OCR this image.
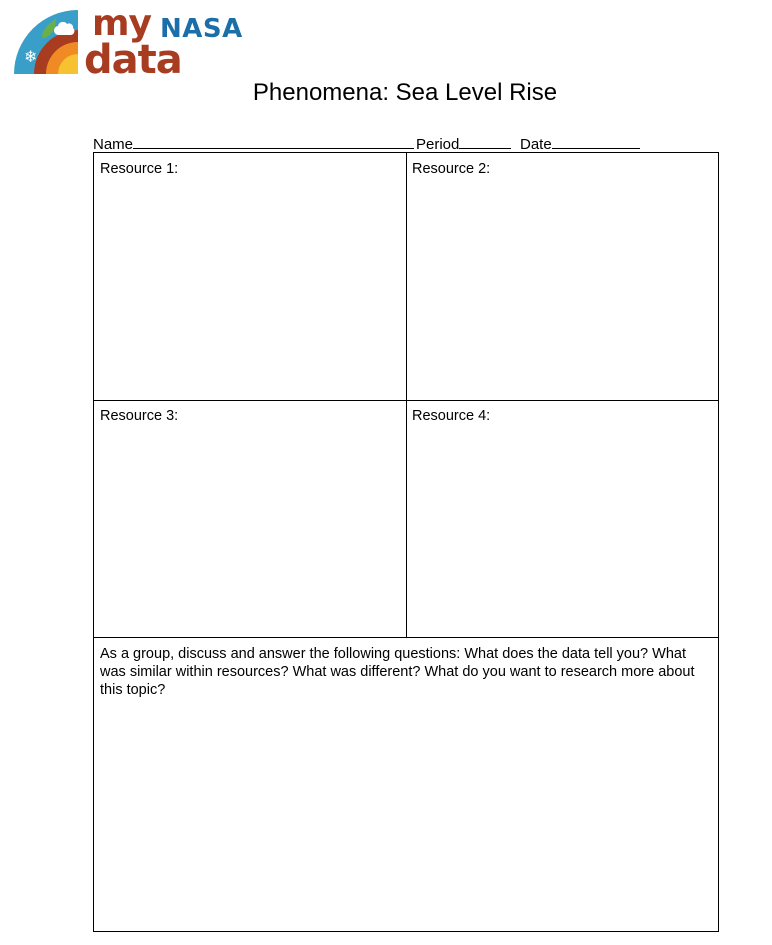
❄
my NASA
data
Phenomena: Sea Level Rise
Name	Period	Date
Resource 1:	Resource 2:
Resource 3:	Resource 4:
As a group, discuss and answer the following questions: What does the data tell you? What was similar within resources? What was different? What do you want to research more about this topic?
